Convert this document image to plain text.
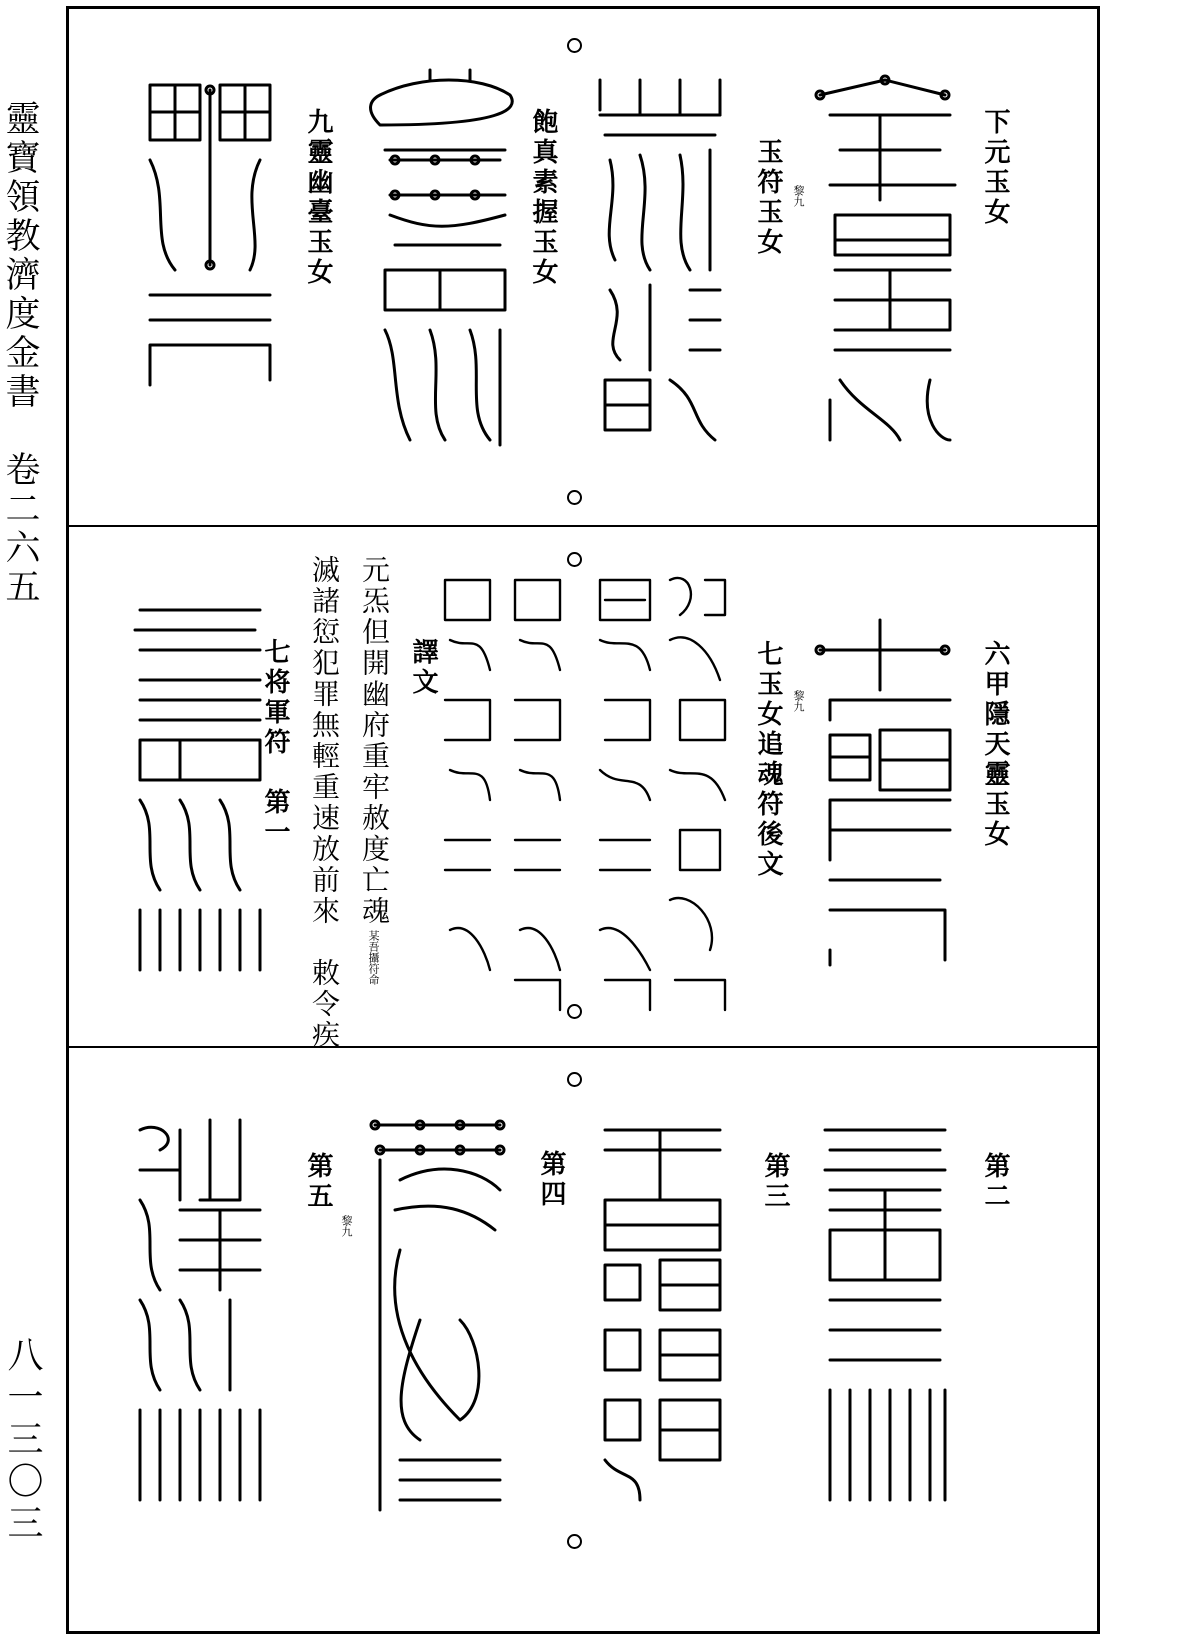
靈寶領教濟度金書　卷二六五
八一三〇三
下元玉女
玉符玉女 黎九
飽真素握玉女
九靈幽臺玉女
六甲隱天靈玉女
七玉女追魂符後文 黎九
譯文
元炁但開幽府重牢赦度亡魂
某吾攝符命
滅諸愆犯罪無輕重速放前來　敕令疾
七将軍符　第一
第二
第三
第四
第五
黎九
